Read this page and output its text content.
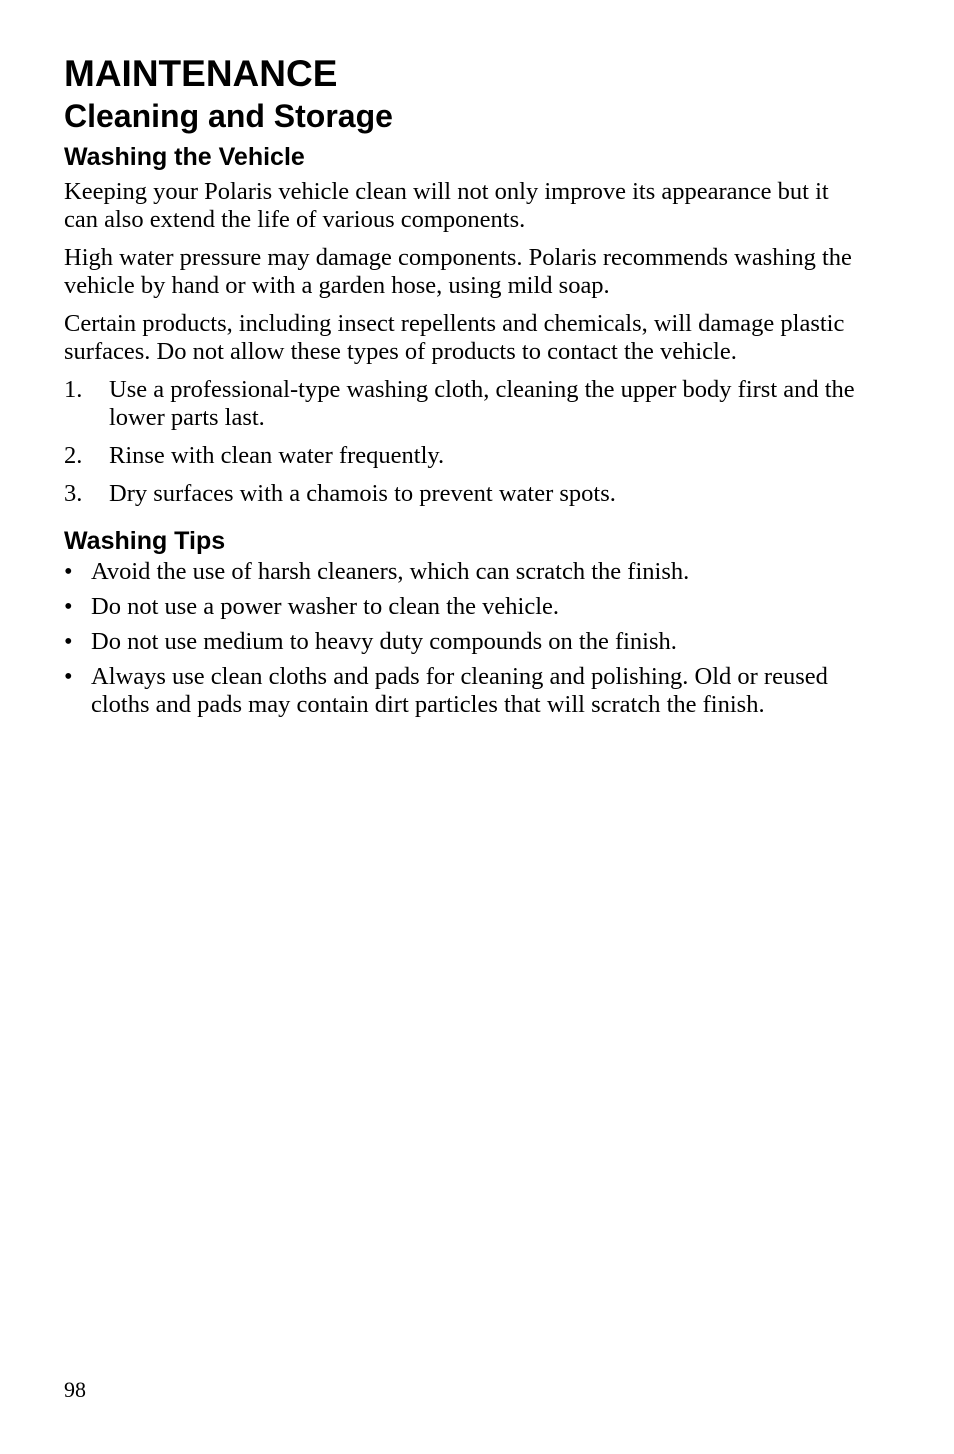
MAINTENANCE
Cleaning and Storage
Washing the Vehicle

Keeping your Polaris vehicle clean will not only improve its appearance but it can also extend the life of various components.

High water pressure may damage components. Polaris recommends washing the vehicle by hand or with a garden hose, using mild soap.

Certain products, including insect repellents and chemicals, will damage plastic surfaces. Do not allow these types of products to contact the vehicle.

1.	Use a professional-type washing cloth, cleaning the upper body first and the lower parts last.
2.	Rinse with clean water frequently.
3.	Dry surfaces with a chamois to prevent water spots.
Washing Tips
• Avoid the use of harsh cleaners, which can scratch the finish.
• Do not use a power washer to clean the vehicle.
• Do not use medium to heavy duty compounds on the finish.
• Always use clean cloths and pads for cleaning and polishing. Old or reused cloths and pads may contain dirt particles that will scratch the finish.
98
